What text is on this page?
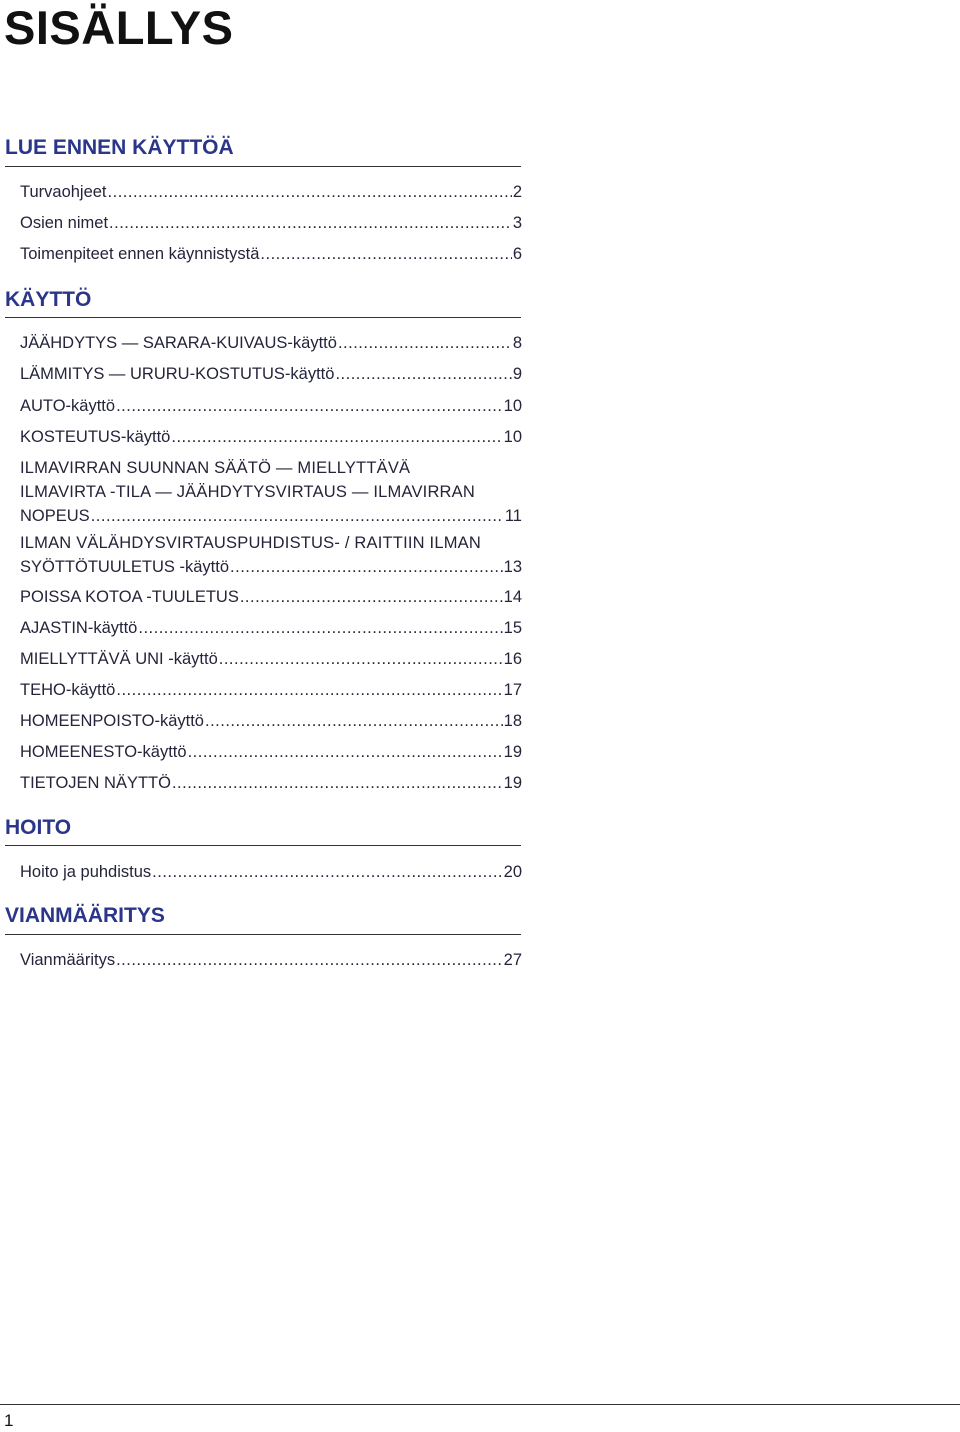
SISÄLLYS
LUE ENNEN KÄYTTÖÄ
Turvaohjeet .....	2
Osien nimet .....	3
Toimenpiteet ennen käynnistystä .....	6
KÄYTTÖ
JÄÄHDYTYS — SARARA-KUIVAUS-käyttö .....	8
LÄMMITYS — URURU-KOSTUTUS-käyttö .....	9
AUTO-käyttö .....	10
KOSTEUTUS-käyttö .....	10
ILMAVIRRAN SUUNNAN SÄÄTÖ — MIELLYTTÄVÄ
ILMAVIRTA -TILA — JÄÄHDYTYSVIRTAUS — ILMAVIRRAN
NOPEUS .....	11
ILMAN VÄLÄHDYSVIRTAUSPUHDISTUS- / RAITTIIN ILMAN
SYÖTTÖTUULETUS -käyttö .....	13
POISSA KOTOA -TUULETUS .....	14
AJASTIN-käyttö .....	15
MIELLYTTÄVÄ UNI -käyttö .....	16
TEHO-käyttö .....	17
HOMEENPOISTO-käyttö .....	18
HOMEENESTO-käyttö .....	19
TIETOJEN NÄYTTÖ .....	19
HOITO
Hoito ja puhdistus .....	20
VIANMÄÄRITYS
Vianmääritys .....	27
1
